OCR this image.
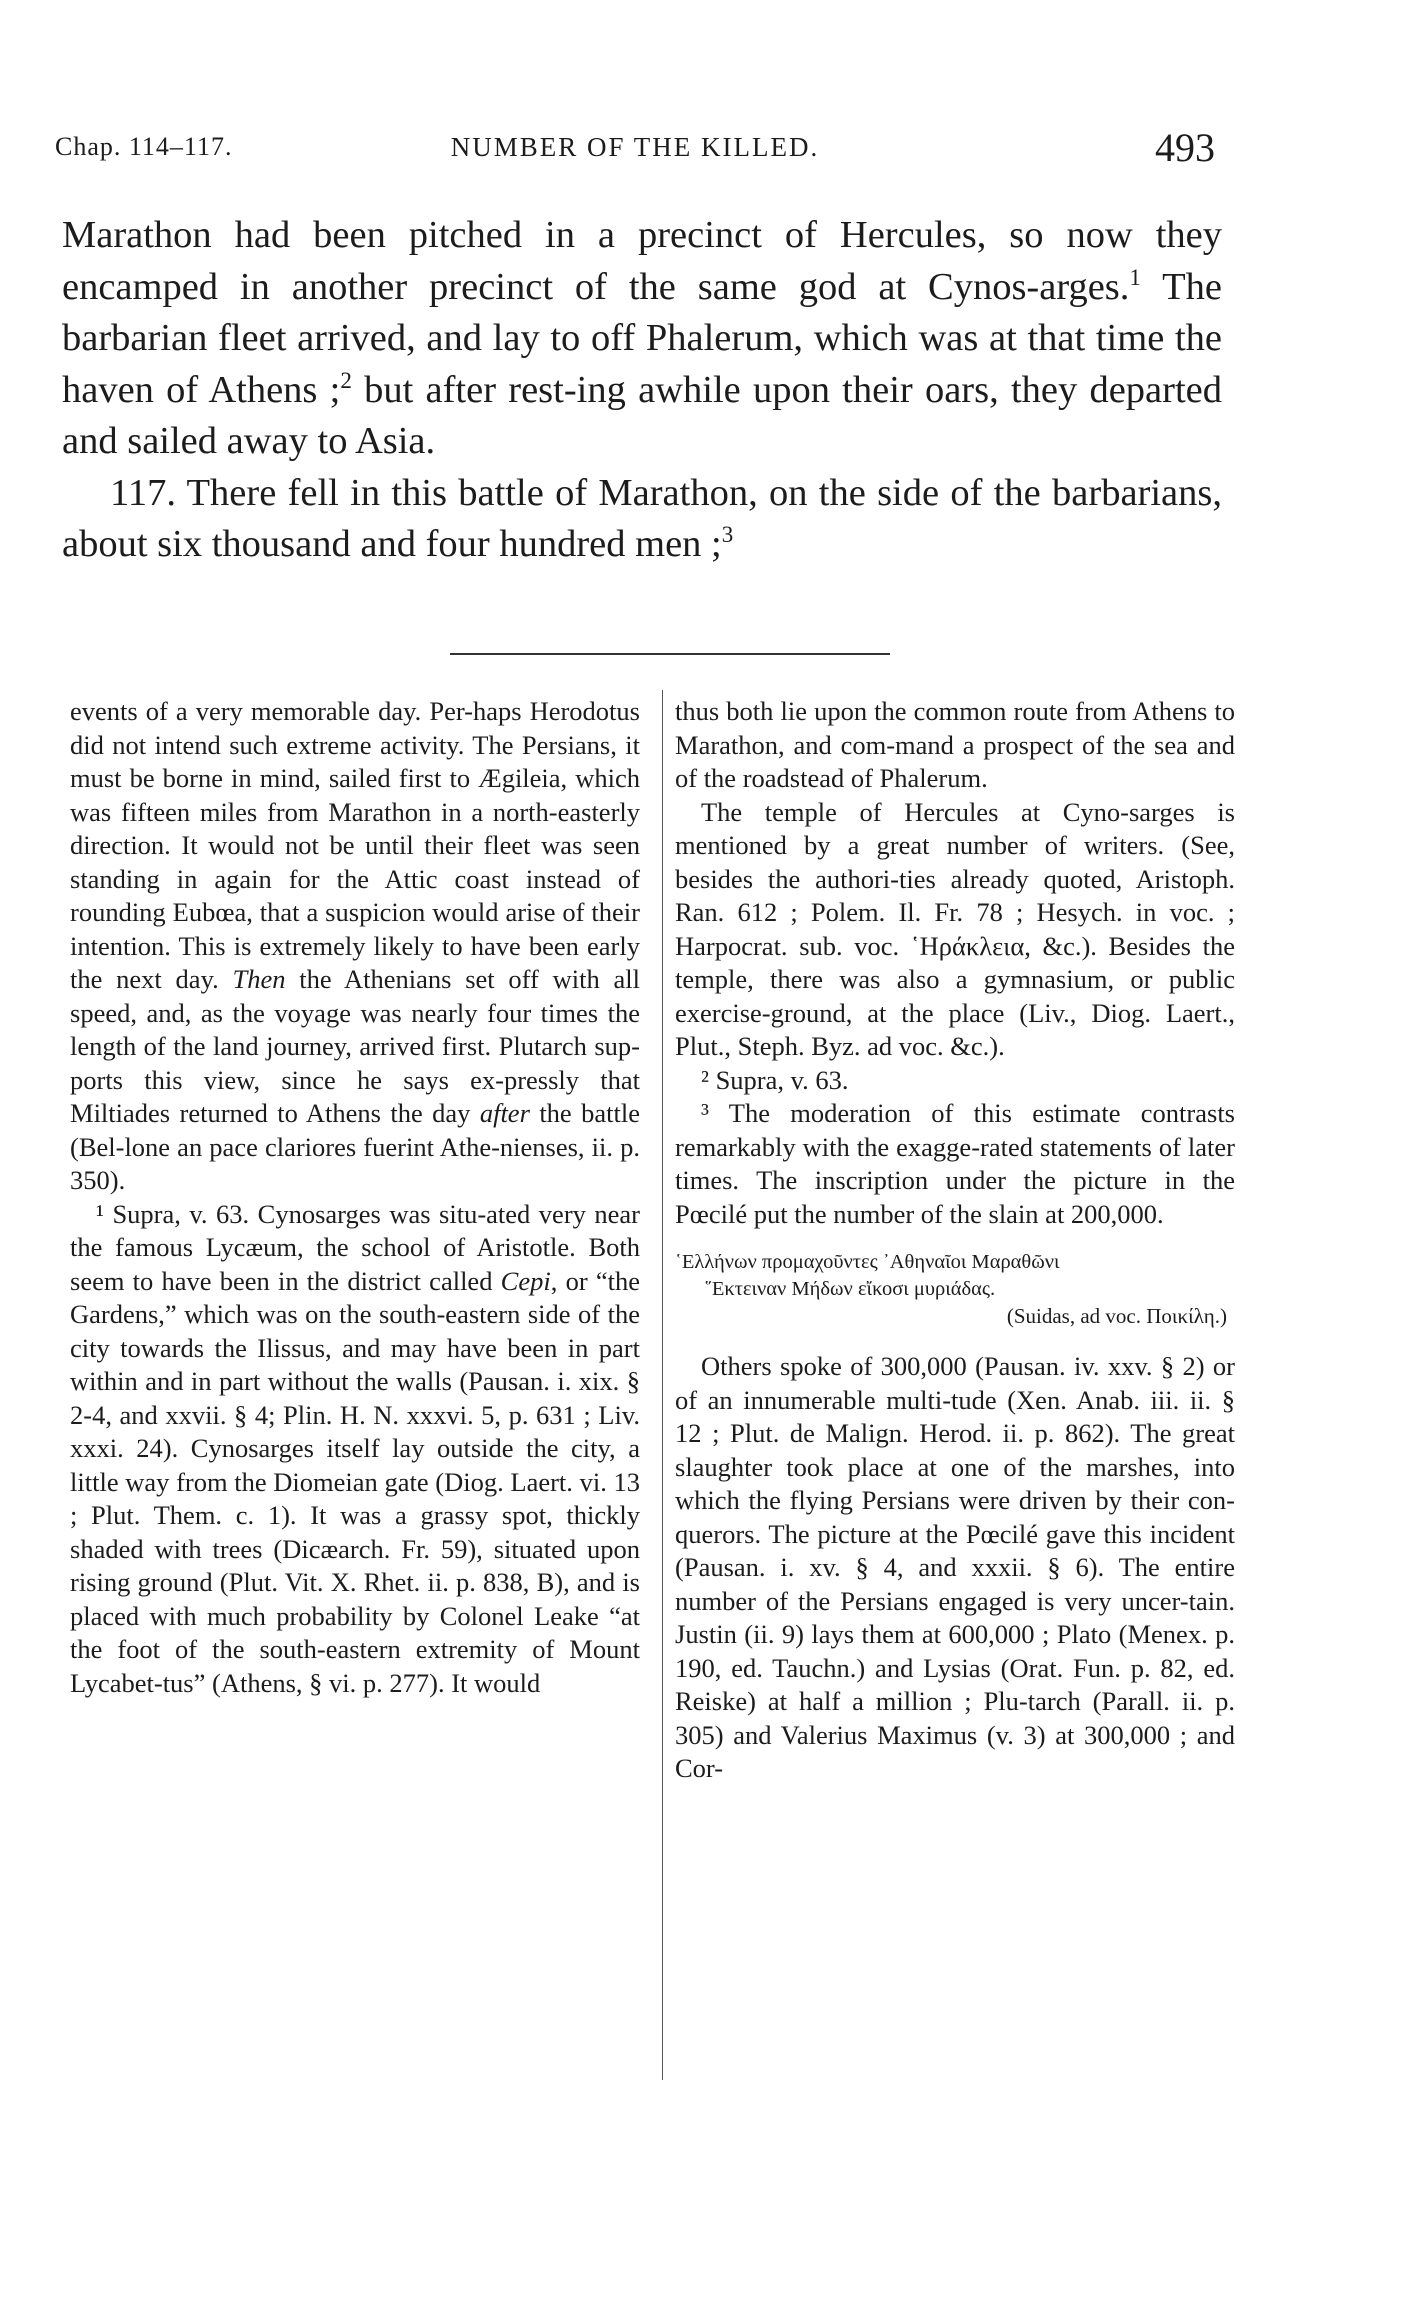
Chap. 114–117.	NUMBER OF THE KILLED.	493

Marathon had been pitched in a precinct of Hercules, so now they encamped in another precinct of the same god at Cynos-arges.$^1$ The barbarian fleet arrived, and lay to off Phalerum, which was at that time the haven of Athens ;$^2$ but after rest-ing awhile upon their oars, they departed and sailed away to Asia.

117. There fell in this battle of Marathon, on the side of the barbarians, about six thousand and four hundred men ;$^3$

events of a very memorable day. Per-haps Herodotus did not intend such extreme activity. The Persians, it must be borne in mind, sailed first to Ægileia, which was fifteen miles from Marathon in a north-easterly direction. It would not be until their fleet was seen standing in again for the Attic coast instead of rounding Eubœa, that a suspicion would arise of their intention. This is extremely likely to have been early the next day. Then the Athenians set off with all speed, and, as the voyage was nearly four times the length of the land journey, arrived first. Plutarch sup-ports this view, since he says ex-pressly that Miltiades returned to Athens the day after the battle (Bel-lone an pace clariores fuerint Athe-nienses, ii. p. 350).

¹ Supra, v. 63. Cynosarges was situ-ated very near the famous Lycæum, the school of Aristotle. Both seem to have been in the district called Cepi, or “the Gardens,” which was on the south-eastern side of the city towards the Ilissus, and may have been in part within and in part without the walls (Pausan. i. xix. § 2-4, and xxvii. § 4; Plin. H. N. xxxvi. 5, p. 631 ; Liv. xxxi. 24). Cynosarges itself lay outside the city, a little way from the Diomeian gate (Diog. Laert. vi. 13 ; Plut. Them. c. 1). It was a grassy spot, thickly shaded with trees (Dicæarch. Fr. 59), situated upon rising ground (Plut. Vit. X. Rhet. ii. p. 838, B), and is placed with much probability by Colonel Leake “at the foot of the south-eastern extremity of Mount Lycabet-tus” (Athens, § vi. p. 277). It would

thus both lie upon the common route from Athens to Marathon, and com-mand a prospect of the sea and of the roadstead of Phalerum.

The temple of Hercules at Cyno-sarges is mentioned by a great number of writers. (See, besides the authori-ties already quoted, Aristoph. Ran. 612 ; Polem. Il. Fr. 78 ; Hesych. in voc. ; Harpocrat. sub. voc. ῾Ηράκλεια, &c.). Besides the temple, there was also a gymnasium, or public exercise-ground, at the place (Liv., Diog. Laert., Plut., Steph. Byz. ad voc. &c.).

² Supra, v. 63.

³ The moderation of this estimate contrasts remarkably with the exagge-rated statements of later times. The inscription under the picture in the Pœcilé put the number of the slain at 200,000.

῾Ελλήνων προμαχοῦντες ᾿Αθηναῖοι Μαραθῶνι
῞Εκτειναν Μήδων εἴκοσι μυριάδας.
(Suidas, ad voc. Ποικίλη.)

Others spoke of 300,000 (Pausan. iv. xxv. § 2) or of an innumerable multi-tude (Xen. Anab. iii. ii. § 12 ; Plut. de Malign. Herod. ii. p. 862). The great slaughter took place at one of the marshes, into which the flying Persians were driven by their con-querors. The picture at the Pœcilé gave this incident (Pausan. i. xv. § 4, and xxxii. § 6). The entire number of the Persians engaged is very uncer-tain. Justin (ii. 9) lays them at 600,000 ; Plato (Menex. p. 190, ed. Tauchn.) and Lysias (Orat. Fun. p. 82, ed. Reiske) at half a million ; Plu-tarch (Parall. ii. p. 305) and Valerius Maximus (v. 3) at 300,000 ; and Cor-
